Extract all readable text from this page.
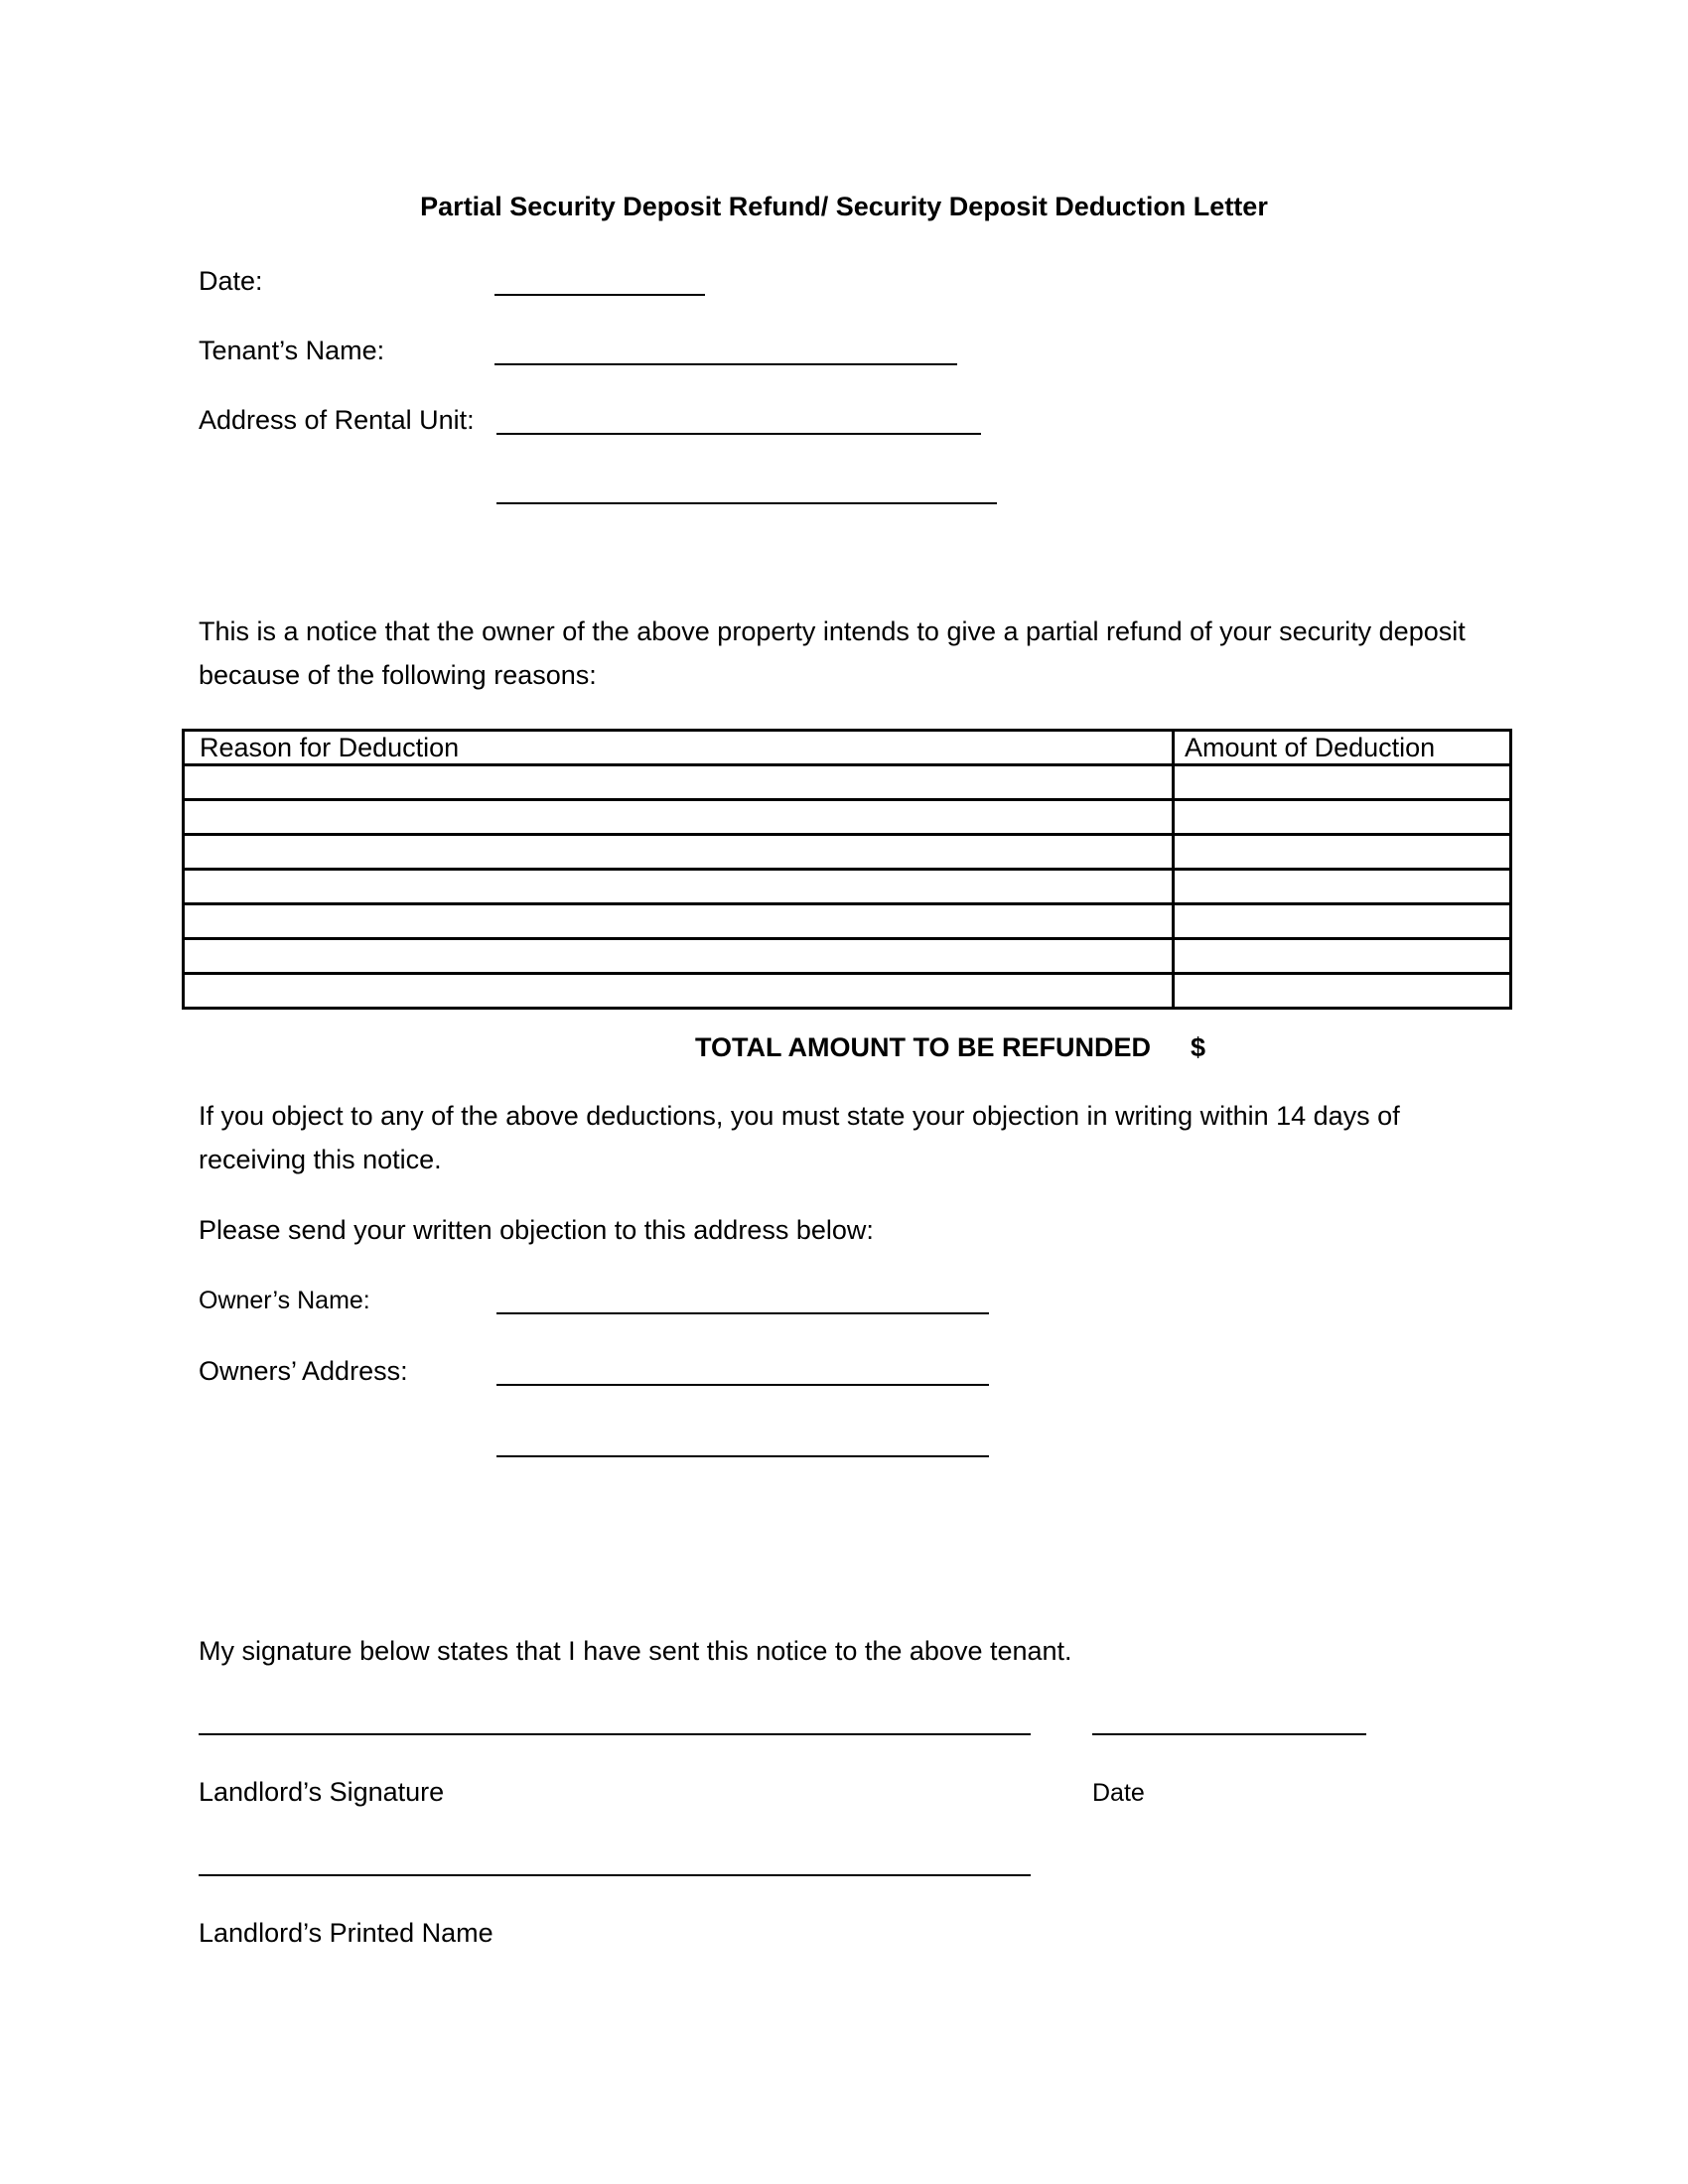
Partial Security Deposit Refund/ Security Deposit Deduction Letter
Date:
Tenant’s Name:
Address of Rental Unit:
This is a notice that the owner of the above property intends to give a partial refund of your security deposit because of the following reasons:
Reason for Deduction	Amount of Deduction

TOTAL AMOUNT TO BE REFUNDED $
If you object to any of the above deductions, you must state your objection in writing within 14 days of receiving this notice.
Please send your written objection to this address below:
Owner’s Name:
Owners’ Address:
My signature below states that I have sent this notice to the above tenant.
Landlord’s Signature	Date
Landlord’s Printed Name
